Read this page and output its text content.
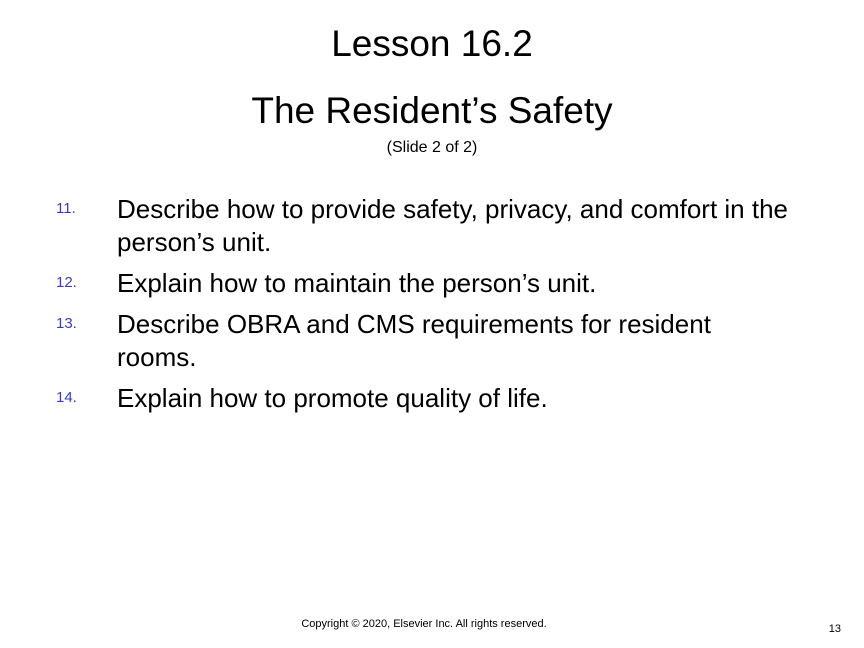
Lesson 16.2
The Resident’s Safety
(Slide 2 of 2)
11. Describe how to provide safety, privacy, and comfort in the person’s unit.
12. Explain how to maintain the person’s unit.
13. Describe OBRA and CMS requirements for resident rooms.
14. Explain how to promote quality of life.
Copyright © 2020, Elsevier Inc. All rights reserved.	13
